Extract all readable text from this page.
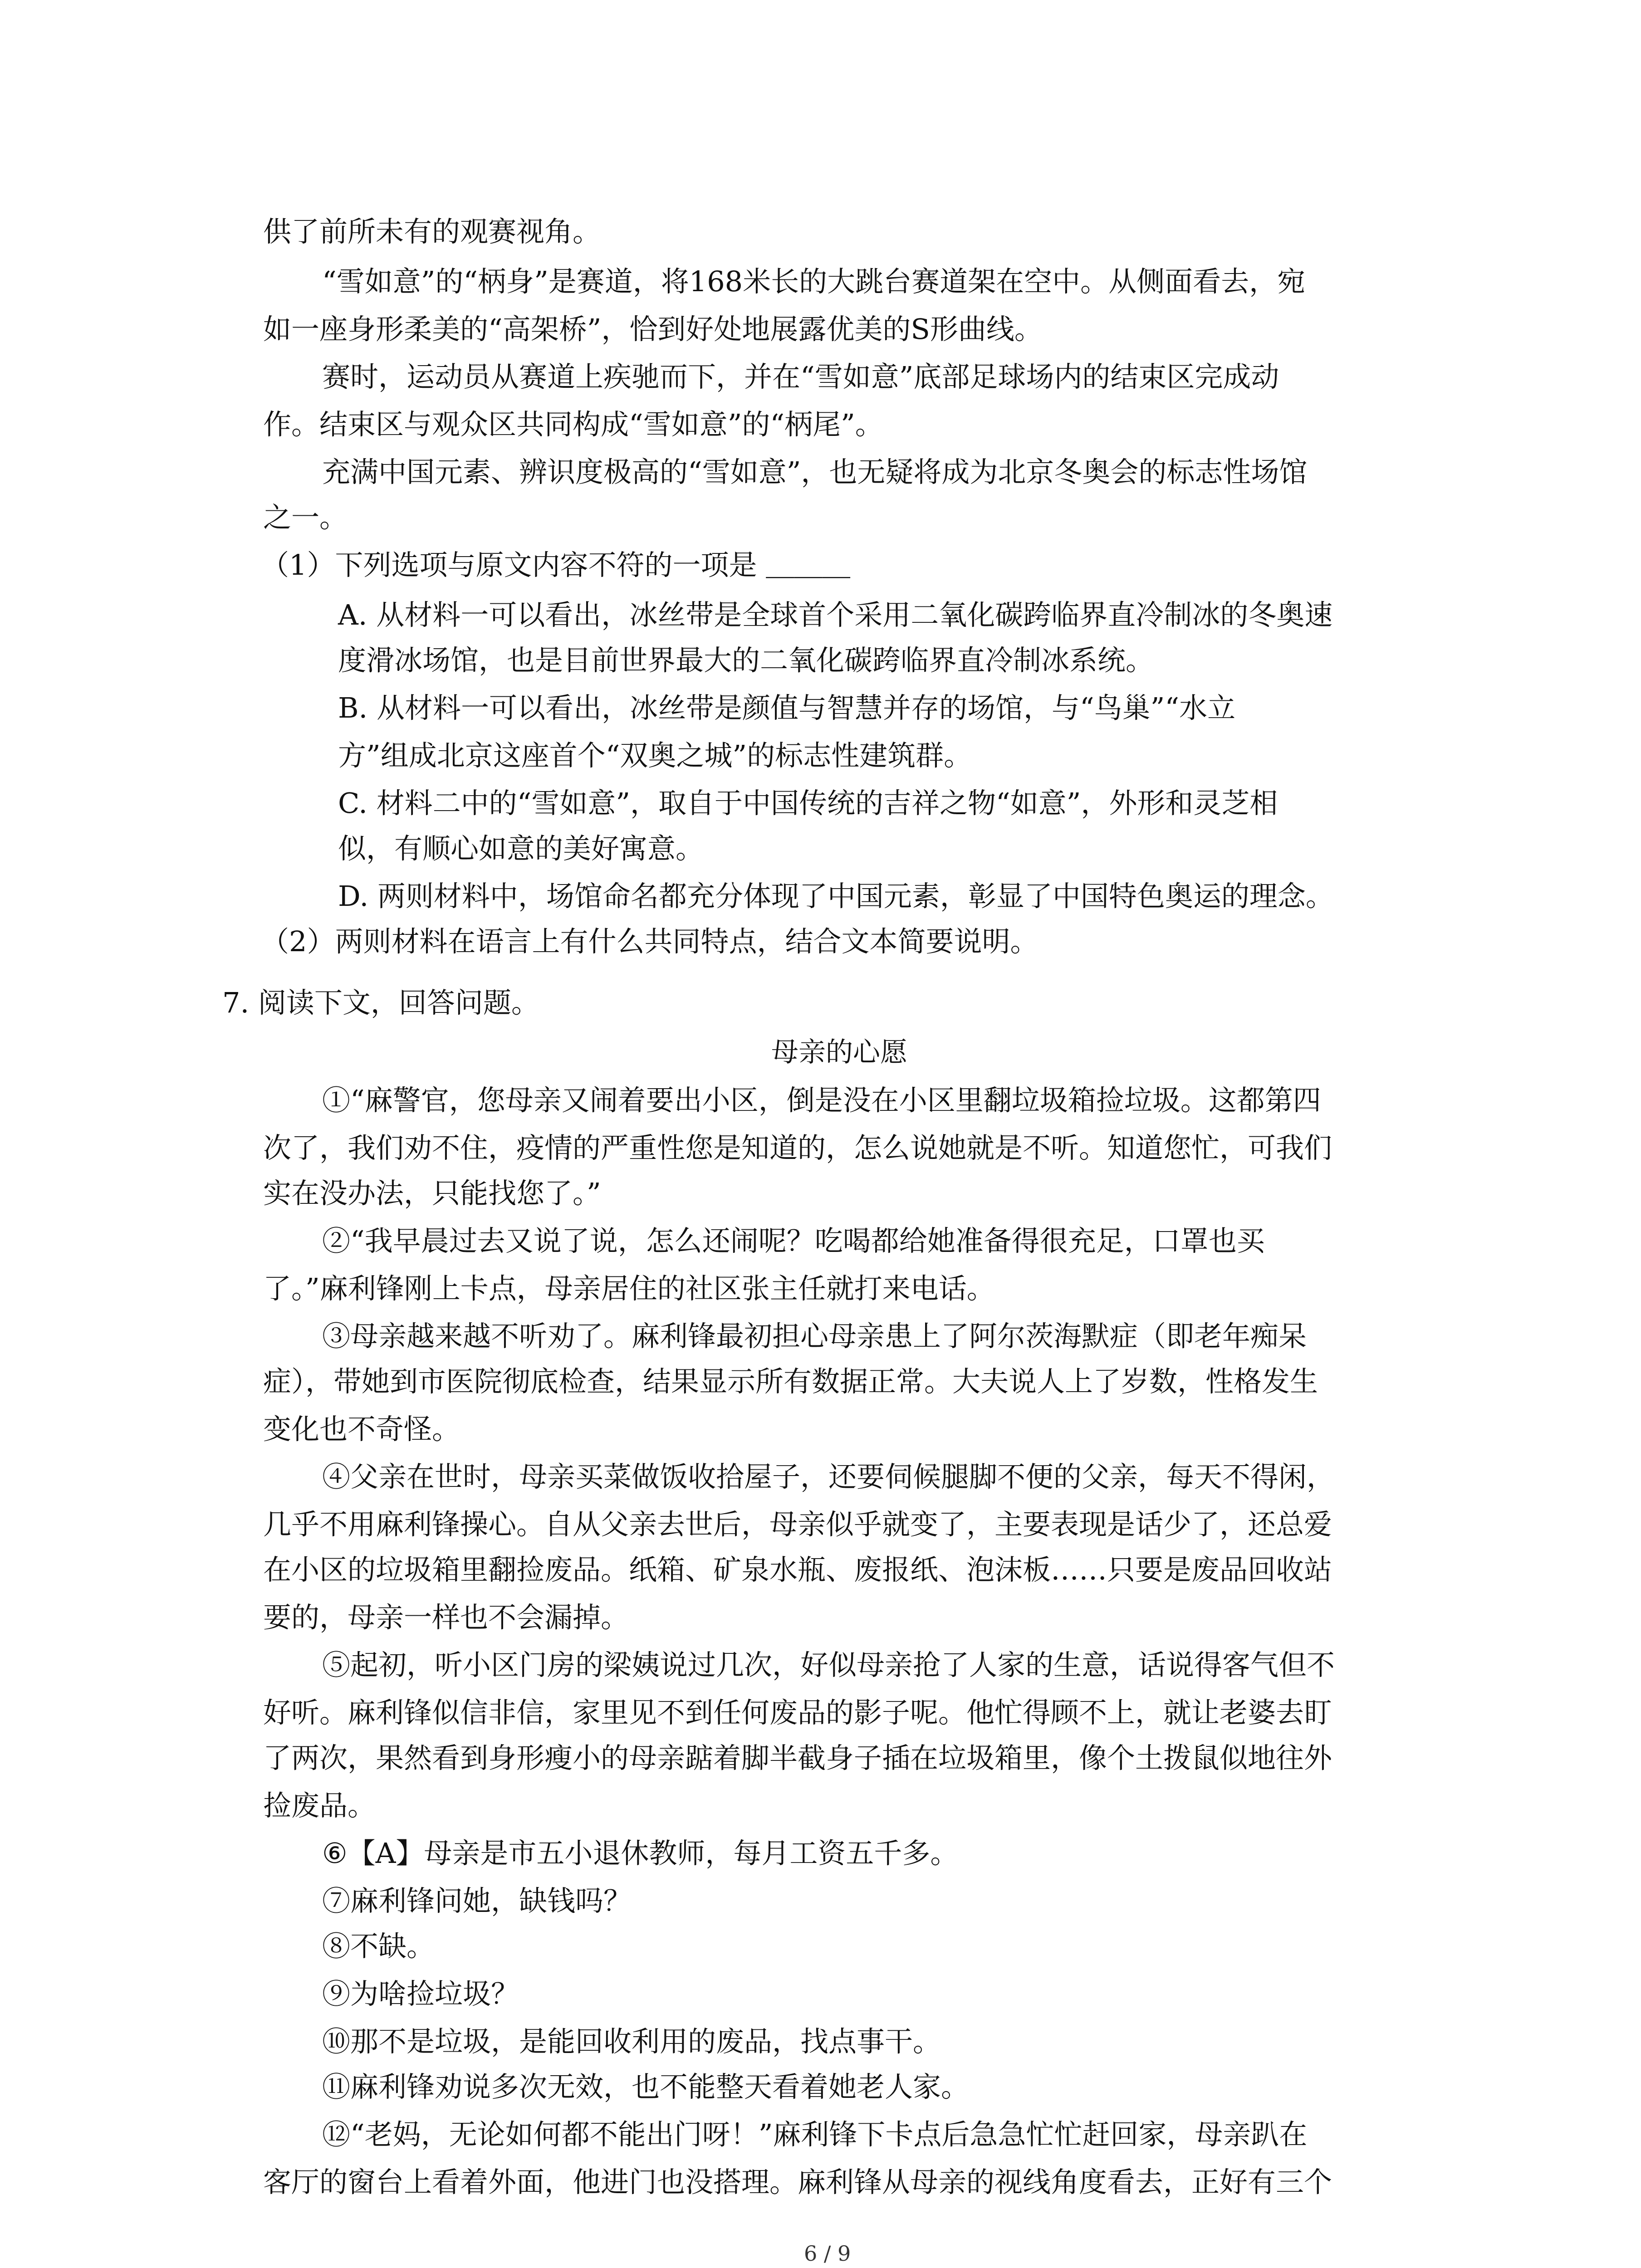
供了前所未有的观赛视角。
“雪如意”的“柄身”是赛道，将168米长的大跳台赛道架在空中。从侧面看去，宛
如一座身形柔美的“高架桥”，恰到好处地展露优美的S形曲线。
赛时，运动员从赛道上疾驰而下，并在“雪如意”底部足球场内的结束区完成动
作。结束区与观众区共同构成“雪如意”的“柄尾”。
充满中国元素、辨识度极高的“雪如意”，也无疑将成为北京冬奥会的标志性场馆
之一。
（1）下列选项与原文内容不符的一项是 ＿＿＿
A. 从材料一可以看出，冰丝带是全球首个采用二氧化碳跨临界直冷制冰的冬奥速
度滑冰场馆，也是目前世界最大的二氧化碳跨临界直冷制冰系统。
B. 从材料一可以看出，冰丝带是颜值与智慧并存的场馆，与“鸟巢”“水立
方”组成北京这座首个“双奥之城”的标志性建筑群。
C. 材料二中的“雪如意”，取自于中国传统的吉祥之物“如意”，外形和灵芝相
似，有顺心如意的美好寓意。
D. 两则材料中，场馆命名都充分体现了中国元素，彰显了中国特色奥运的理念。
（2）两则材料在语言上有什么共同特点，结合文本简要说明。
7. 阅读下文，回答问题。
母亲的心愿
①“麻警官，您母亲又闹着要出小区，倒是没在小区里翻垃圾箱捡垃圾。这都第四
次了，我们劝不住，疫情的严重性您是知道的，怎么说她就是不听。知道您忙，可我们
实在没办法，只能找您了。”
②“我早晨过去又说了说，怎么还闹呢？吃喝都给她准备得很充足，口罩也买
了。”麻利锋刚上卡点，母亲居住的社区张主任就打来电话。
③母亲越来越不听劝了。麻利锋最初担心母亲患上了阿尔茨海默症（即老年痴呆
症），带她到市医院彻底检查，结果显示所有数据正常。大夫说人上了岁数，性格发生
变化也不奇怪。
④父亲在世时，母亲买菜做饭收拾屋子，还要伺候腿脚不便的父亲，每天不得闲，
几乎不用麻利锋操心。自从父亲去世后，母亲似乎就变了，主要表现是话少了，还总爱
在小区的垃圾箱里翻捡废品。纸箱、矿泉水瓶、废报纸、泡沫板……只要是废品回收站
要的，母亲一样也不会漏掉。
⑤起初，听小区门房的梁姨说过几次，好似母亲抢了人家的生意，话说得客气但不
好听。麻利锋似信非信，家里见不到任何废品的影子呢。他忙得顾不上，就让老婆去盯
了两次，果然看到身形瘦小的母亲踮着脚半截身子插在垃圾箱里，像个土拨鼠似地往外
捡废品。
⑥【A】母亲是市五小退休教师，每月工资五千多。
⑦麻利锋问她，缺钱吗？
⑧不缺。
⑨为啥捡垃圾？
⑩那不是垃圾，是能回收利用的废品，找点事干。
⑪麻利锋劝说多次无效，也不能整天看着她老人家。
⑫“老妈，无论如何都不能出门呀！”麻利锋下卡点后急急忙忙赶回家，母亲趴在
客厅的窗台上看着外面，他进门也没搭理。麻利锋从母亲的视线角度看去，正好有三个
6 / 9
